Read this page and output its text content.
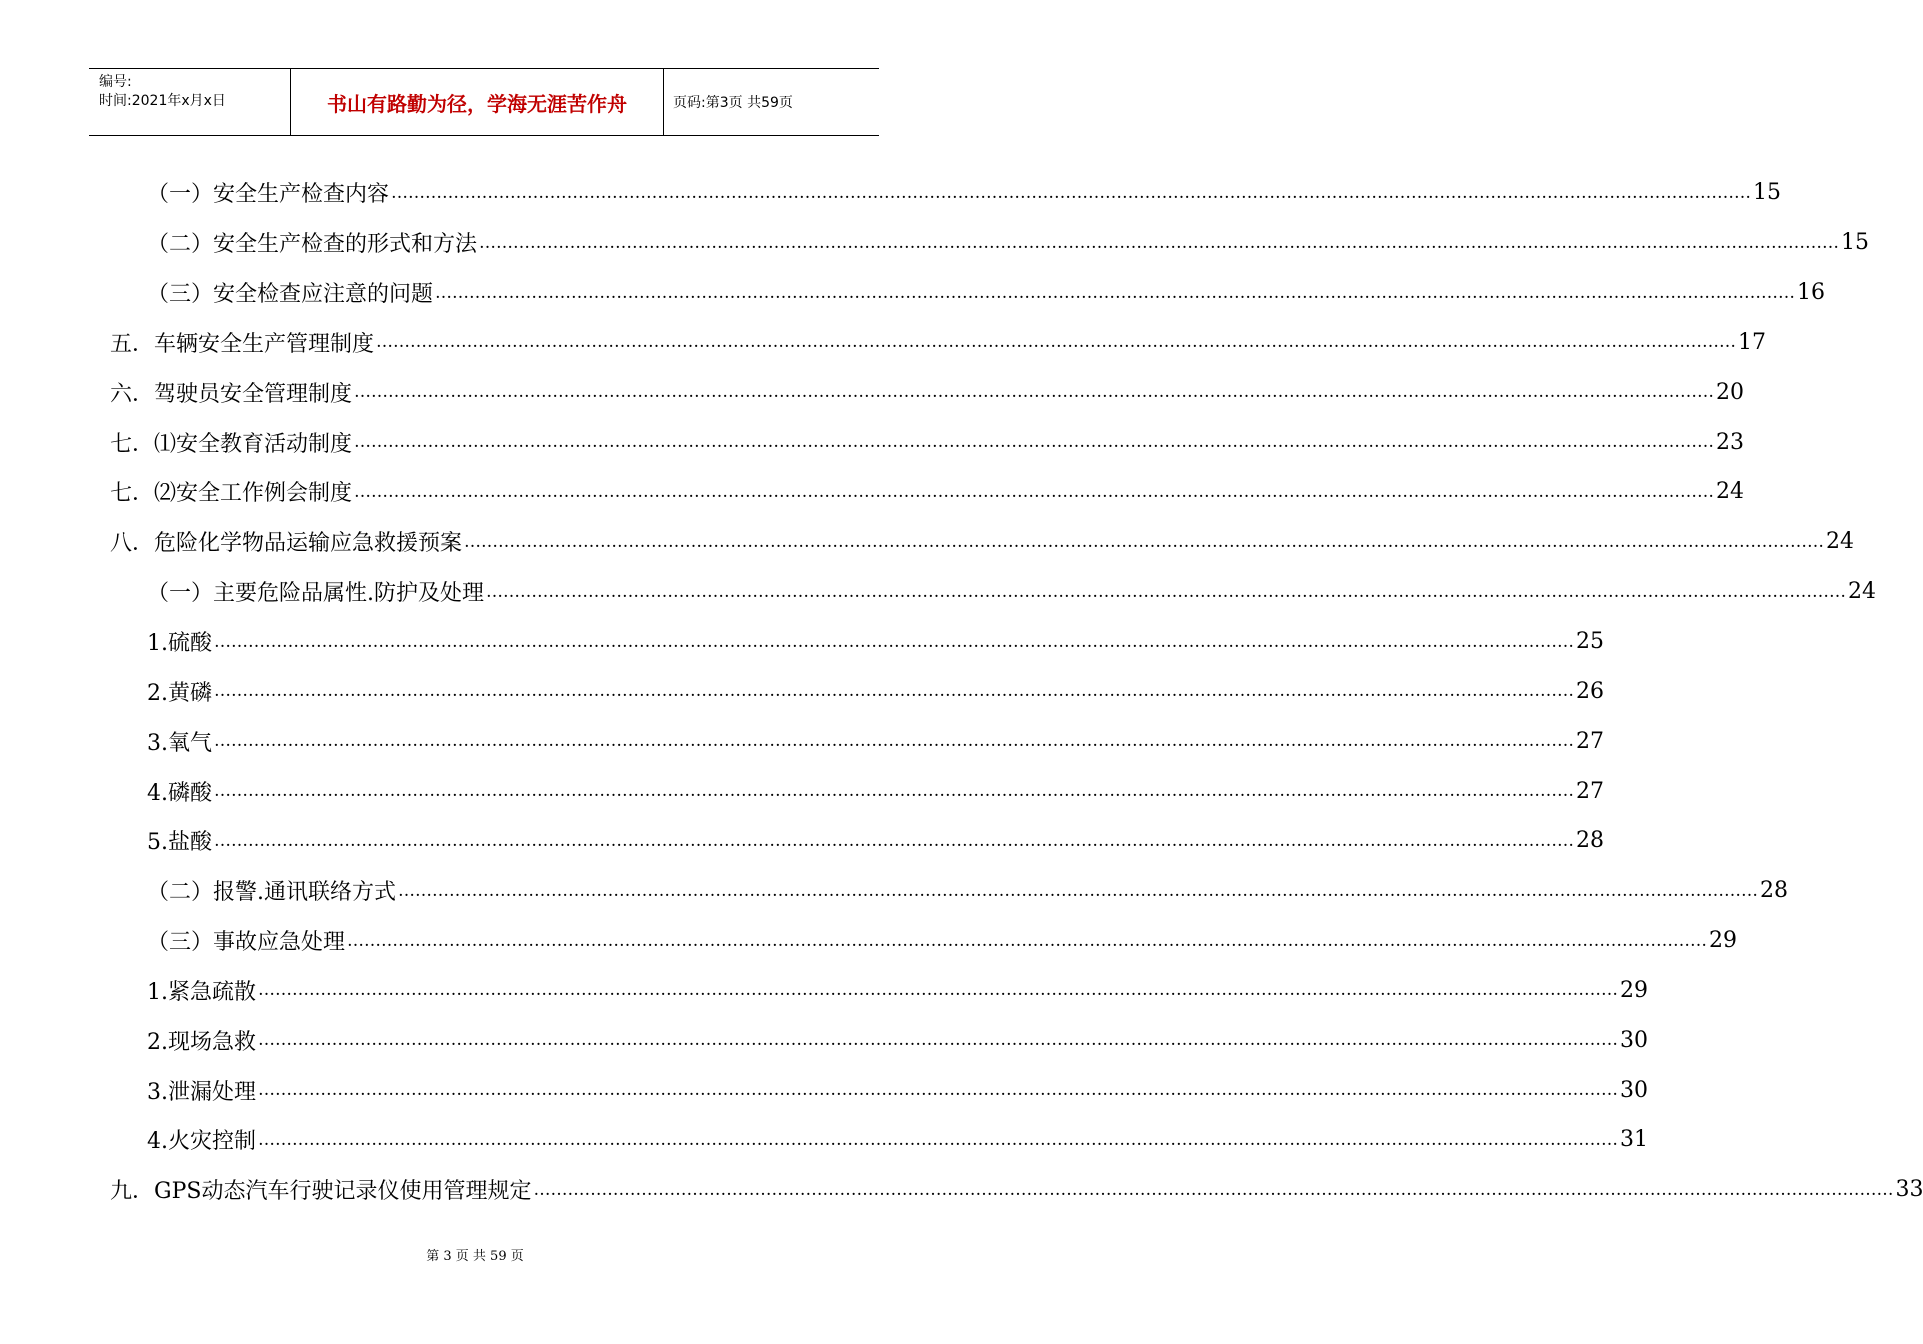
编号:
时间:2021年x月x日	书山有路勤为径，学海无涯苦作舟	页码:第3页 共59页
（一）安全生产检查内容 …………………………………………………………………………………………………………………………………………………………………………………………………………………… 15
（二）安全生产检查的形式和方法 …………………………………………………………………………………………………………………………………………………………………………………………………………………… 15
（三）安全检查应注意的问题 …………………………………………………………………………………………………………………………………………………………………………………………………………………… 16
五．车辆安全生产管理制度 …………………………………………………………………………………………………………………………………………………………………………………………………………………… 17
六．驾驶员安全管理制度 …………………………………………………………………………………………………………………………………………………………………………………………………………………… 20
七．⑴安全教育活动制度 …………………………………………………………………………………………………………………………………………………………………………………………………………………… 23
七．⑵安全工作例会制度 …………………………………………………………………………………………………………………………………………………………………………………………………………………… 24
八．危险化学物品运输应急救援预案 …………………………………………………………………………………………………………………………………………………………………………………………………………………… 24
（一）主要危险品属性.防护及处理 …………………………………………………………………………………………………………………………………………………………………………………………………………………… 24
1.硫酸 …………………………………………………………………………………………………………………………………………………………………………………………………………………… 25
2.黄磷 …………………………………………………………………………………………………………………………………………………………………………………………………………………… 26
3.氧气 …………………………………………………………………………………………………………………………………………………………………………………………………………………… 27
4.磷酸 …………………………………………………………………………………………………………………………………………………………………………………………………………………… 27
5.盐酸 …………………………………………………………………………………………………………………………………………………………………………………………………………………… 28
（二）报警.通讯联络方式 …………………………………………………………………………………………………………………………………………………………………………………………………………………… 28
（三）事故应急处理 …………………………………………………………………………………………………………………………………………………………………………………………………………………… 29
1.紧急疏散 …………………………………………………………………………………………………………………………………………………………………………………………………………………… 29
2.现场急救 …………………………………………………………………………………………………………………………………………………………………………………………………………………… 30
3.泄漏处理 …………………………………………………………………………………………………………………………………………………………………………………………………………………… 30
4.火灾控制 …………………………………………………………………………………………………………………………………………………………………………………………………………………… 31
九．GPS动态汽车行驶记录仪使用管理规定 …………………………………………………………………………………………………………………………………………………………………………………………………………………… 33
第 3 页 共 59 页
